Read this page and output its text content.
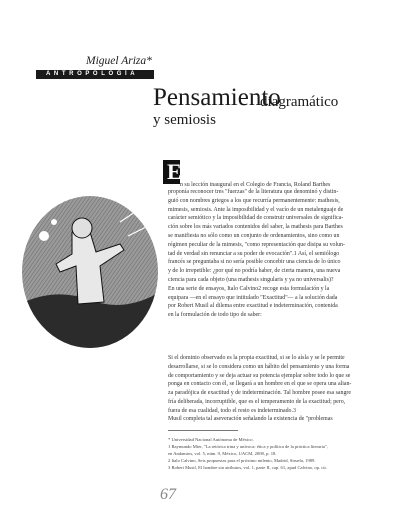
Miguel Ariza*
ANTROPOLOGÍA
Pensamiento
diagramático
y semiosis
E

n su lección inaugural en el Colegio de Francia, Roland Barthes

proponía reconocer tres "fuerzas" de la literatura que denominó y distin-

guió con nombres griegos a los que recurría permanentemente: mathesis,

mimesis, semiosis. Ante la imposibilidad y el vacío de un metalenguaje de

carácter semiótico y la imposibilidad de construir universales de significa-

ción sobre los más variados contenidos del saber, la mathesis para Barthes

se manifiesta no sólo como un conjunto de ordenamientos, sino como un

régimen peculiar de la mimesis, "como representación que disipa su volun-

tad de verdad sin renunciar a su poder de evocación".1 Así, el semiólogo

francés se preguntaba si no sería posible concebir una ciencia de lo único

y de lo irrepetible: ¿por qué no podría haber, de cierta manera, una nueva

ciencia para cada objeto (una mathesis singularis y ya no universalis)?

En una serie de ensayos, Italo Calvino2 recoge esta formulación y la

equipara —en el ensayo que intitulado "Exactitud"— a la solución dada

por Robert Musil al dilema entre exactitud e indeterminación, contenida

en la formulación de todo tipo de saber:

Si el dominio observado es la propia exactitud, si se lo aísla y se le permite

desarrollarse, si se lo considera como un hábito del pensamiento y una forma

de comportamiento y se deja actuar su potencia ejemplar sobre todo lo que se

ponga en contacto con él, se llegará a un hombre en el que se opera una alian-

za paradójica de exactitud y de indeterminación. Tal hombre posee esa sangre

fría deliberada, incorruptible, que es el temperamento de la exactitud; pero,

fuera de esa cualidad, todo el resto es indeterminado.3

Musil completa tal aseveración señalando la existencia de "problemas

* Universidad Nacional Autónoma de México.

1 Raymundo Mier, "La retórica trina y unívoca: ética y política de la práctica literaria",

en Andamios, vol. 5, núm. 9, México, UACM, 2008, p. 18.

2 Italo Calvino, Seis propuestas para el próximo milenio, Madrid, Siruela, 1989.

3 Robert Musil, El hombre sin atributos, vol. 1, parte II, cap. 61, apud Calvino, op. cit.

67
